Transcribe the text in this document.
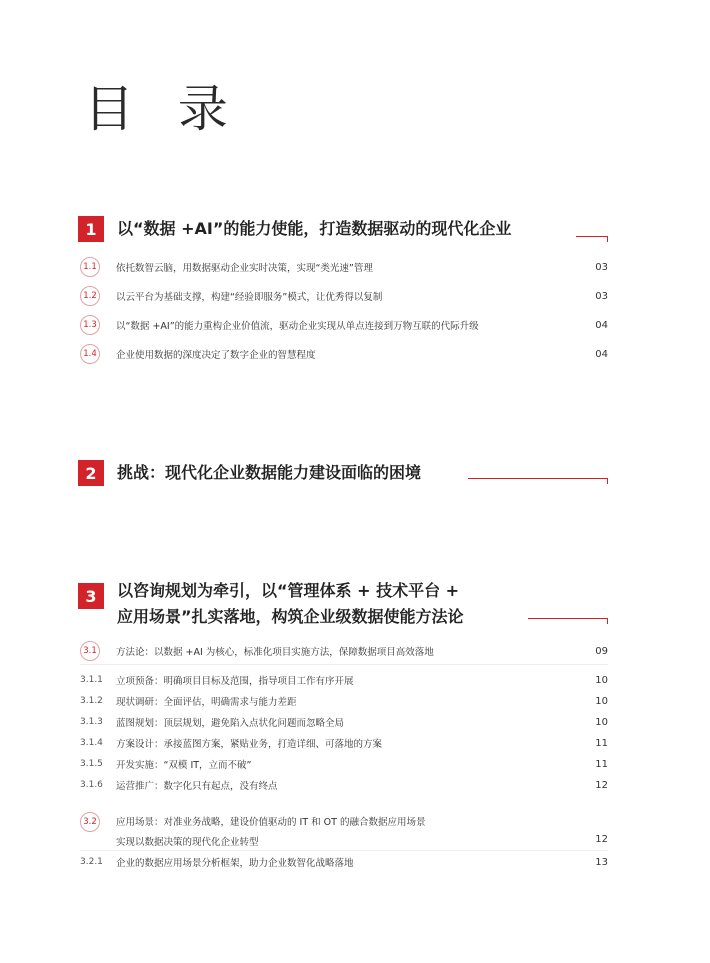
目 录
1	以“数据 +AI”的能力使能，打造数据驱动的现代化企业
1.1	依托数智云脑，用数据驱动企业实时决策，实现“类光速”管理	03
1.2	以云平台为基础支撑，构建“经验即服务”模式，让优秀得以复制	03
1.3	以“数据 +AI”的能力重构企业价值流，驱动企业实现从单点连接到万物互联的代际升级	04
1.4	企业使用数据的深度决定了数字企业的智慧程度	04
2	挑战：现代化企业数据能力建设面临的困境
3	以咨询规划为牵引，以“管理体系 + 技术平台 +
应用场景”扎实落地，构筑企业级数据使能方法论
3.1	方法论：以数据 +AI 为核心，标准化项目实施方法，保障数据项目高效落地	09
3.1.1	立项预备：明确项目目标及范围，指导项目工作有序开展	10
3.1.2	现状调研：全面评估，明确需求与能力差距	10
3.1.3	蓝图规划：顶层规划，避免陷入点状化问题而忽略全局	10
3.1.4	方案设计：承接蓝图方案，紧贴业务，打造详细、可落地的方案	11
3.1.5	开发实施：“双模 IT，立而不破”	11
3.1.6	运营推广：数字化只有起点，没有终点	12
3.2	应用场景：对准业务战略，建设价值驱动的 IT 和 OT 的融合数据应用场景
实现以数据决策的现代化企业转型	12
3.2.1	企业的数据应用场景分析框架，助力企业数智化战略落地	13
